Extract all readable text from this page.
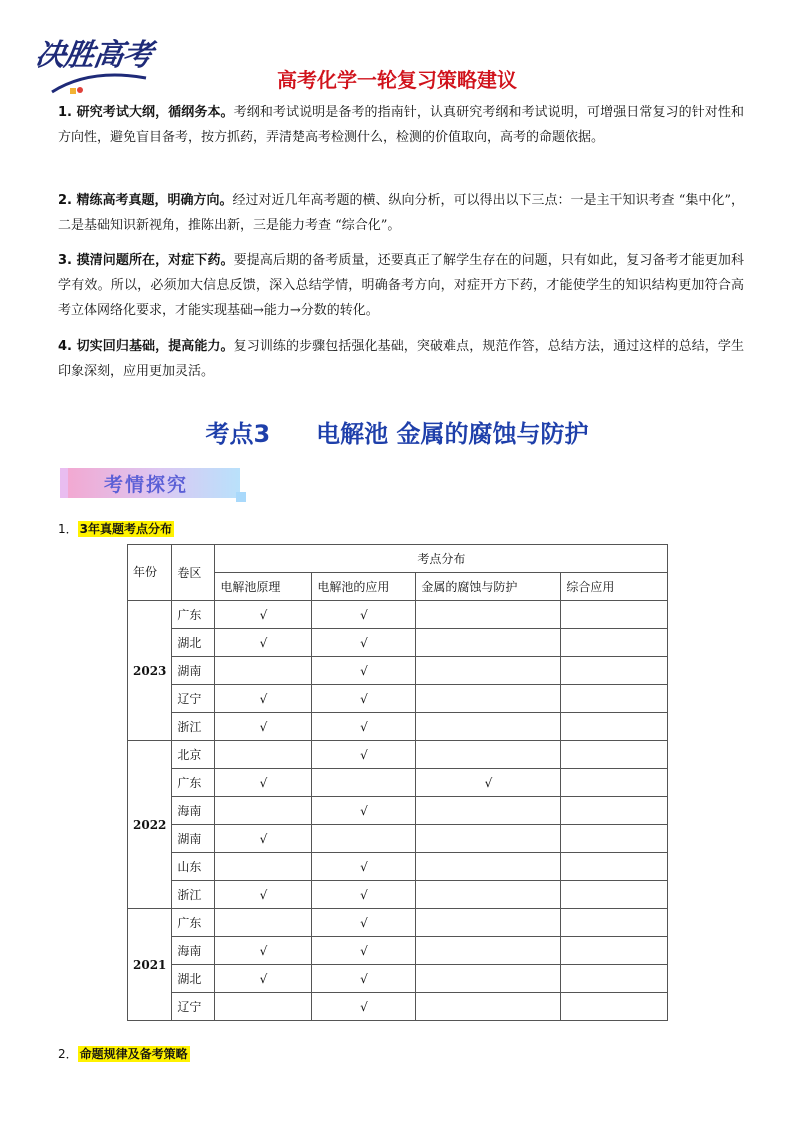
决胜高考
高考化学一轮复习策略建议
1. 研究考试大纲，循纲务本。考纲和考试说明是备考的指南针，认真研究考纲和考试说明，可增强日常复习的针对性和方向性，避免盲目备考，按方抓药，弄清楚高考检测什么，检测的价值取向，高考的命题依据。
2. 精练高考真题，明确方向。经过对近几年高考题的横、纵向分析，可以得出以下三点：一是主干知识考查 “集中化”，二是基础知识新视角，推陈出新，三是能力考查 “综合化”。
3. 摸清问题所在，对症下药。要提高后期的备考质量，还要真正了解学生存在的问题，只有如此，复习备考才能更加科学有效。所以，必须加大信息反馈，深入总结学情，明确备考方向，对症开方下药，才能使学生的知识结构更加符合高考立体网络化要求，才能实现基础→能力→分数的转化。
4. 切实回归基础，提高能力。复习训练的步骤包括强化基础，突破难点，规范作答，总结方法，通过这样的总结，学生印象深刻，应用更加灵活。
考点3 电解池 金属的腐蚀与防护
考情探究
1． 3年真题考点分布
年份	卷区	考点分布			
		电解池原理	电解池的应用	金属的腐蚀与防护	综合应用
2023	广东	√	√		
	湖北	√	√		
	湖南		√		
	辽宁	√	√		
	浙江	√	√		
2022	北京		√		
	广东	√		√	
	海南		√		
	湖南	√			
	山东		√		
	浙江	√	√		
2021	广东		√		
	海南	√	√		
	湖北	√	√		
	辽宁		√		
2． 命题规律及备考策略
